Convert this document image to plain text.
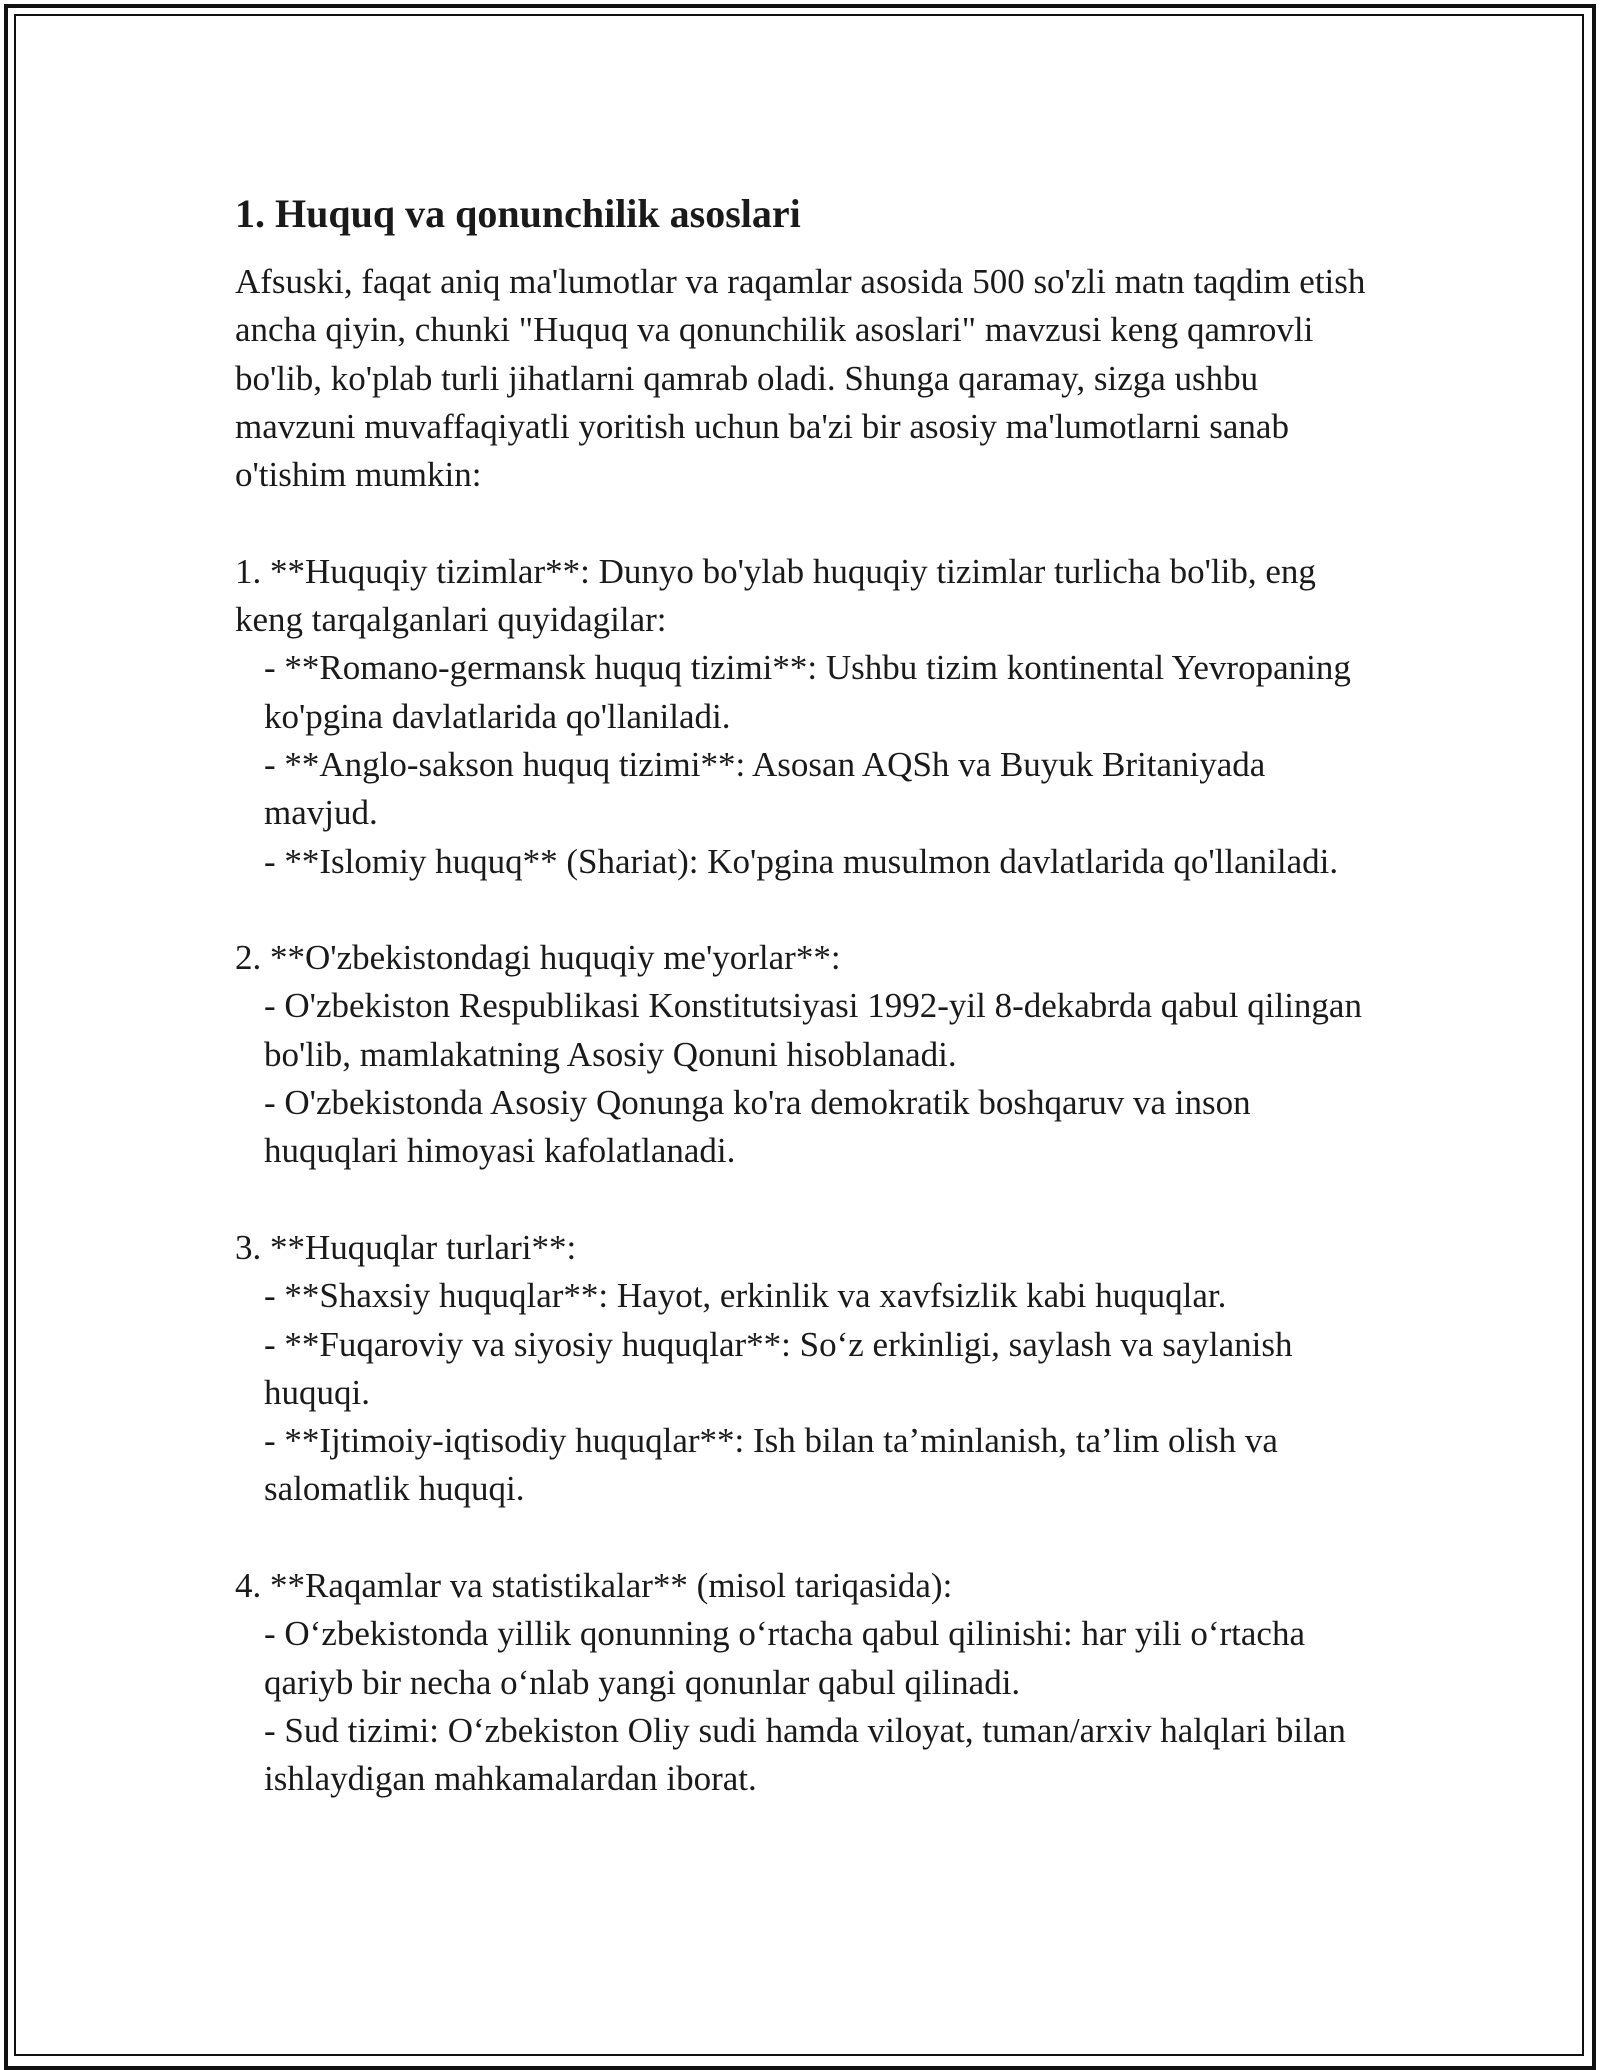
1. Huquq va qonunchilik asoslari

Afsuski, faqat aniq ma'lumotlar va raqamlar asosida 500 so'zli matn taqdim etish ancha qiyin, chunki "Huquq va qonunchilik asoslari" mavzusi keng qamrovli bo'lib, ko'plab turli jihatlarni qamrab oladi. Shunga qaramay, sizga ushbu mavzuni muvaffaqiyatli yoritish uchun ba'zi bir asosiy ma'lumotlarni sanab o'tishim mumkin:

1. **Huquqiy tizimlar**: Dunyo bo'ylab huquqiy tizimlar turlicha bo'lib, eng keng tarqalganlari quyidagilar:

- **Romano-germansk huquq tizimi**: Ushbu tizim kontinental Yevropaning ko'pgina davlatlarida qo'llaniladi.

- **Anglo-sakson huquq tizimi**: Asosan AQSh va Buyuk Britaniyada mavjud.

- **Islomiy huquq** (Shariat): Ko'pgina musulmon davlatlarida qo'llaniladi.

2. **O'zbekistondagi huquqiy me'yorlar**:

- O'zbekiston Respublikasi Konstitutsiyasi 1992-yil 8-dekabrda qabul qilingan bo'lib, mamlakatning Asosiy Qonuni hisoblanadi.

- O'zbekistonda Asosiy Qonunga ko'ra demokratik boshqaruv va inson huquqlari himoyasi kafolatlanadi.

3. **Huquqlar turlari**:

- **Shaxsiy huquqlar**: Hayot, erkinlik va xavfsizlik kabi huquqlar.

- **Fuqaroviy va siyosiy huquqlar**: So‘z erkinligi, saylash va saylanish huquqi.

- **Ijtimoiy-iqtisodiy huquqlar**: Ish bilan ta’minlanish, ta’lim olish va salomatlik huquqi.

4. **Raqamlar va statistikalar** (misol tariqasida):

- O‘zbekistonda yillik qonunning o‘rtacha qabul qilinishi: har yili o‘rtacha qariyb bir necha o‘nlab yangi qonunlar qabul qilinadi.

- Sud tizimi: O‘zbekiston Oliy sudi hamda viloyat, tuman/arxiv halqlari bilan ishlaydigan mahkamalardan iborat.
